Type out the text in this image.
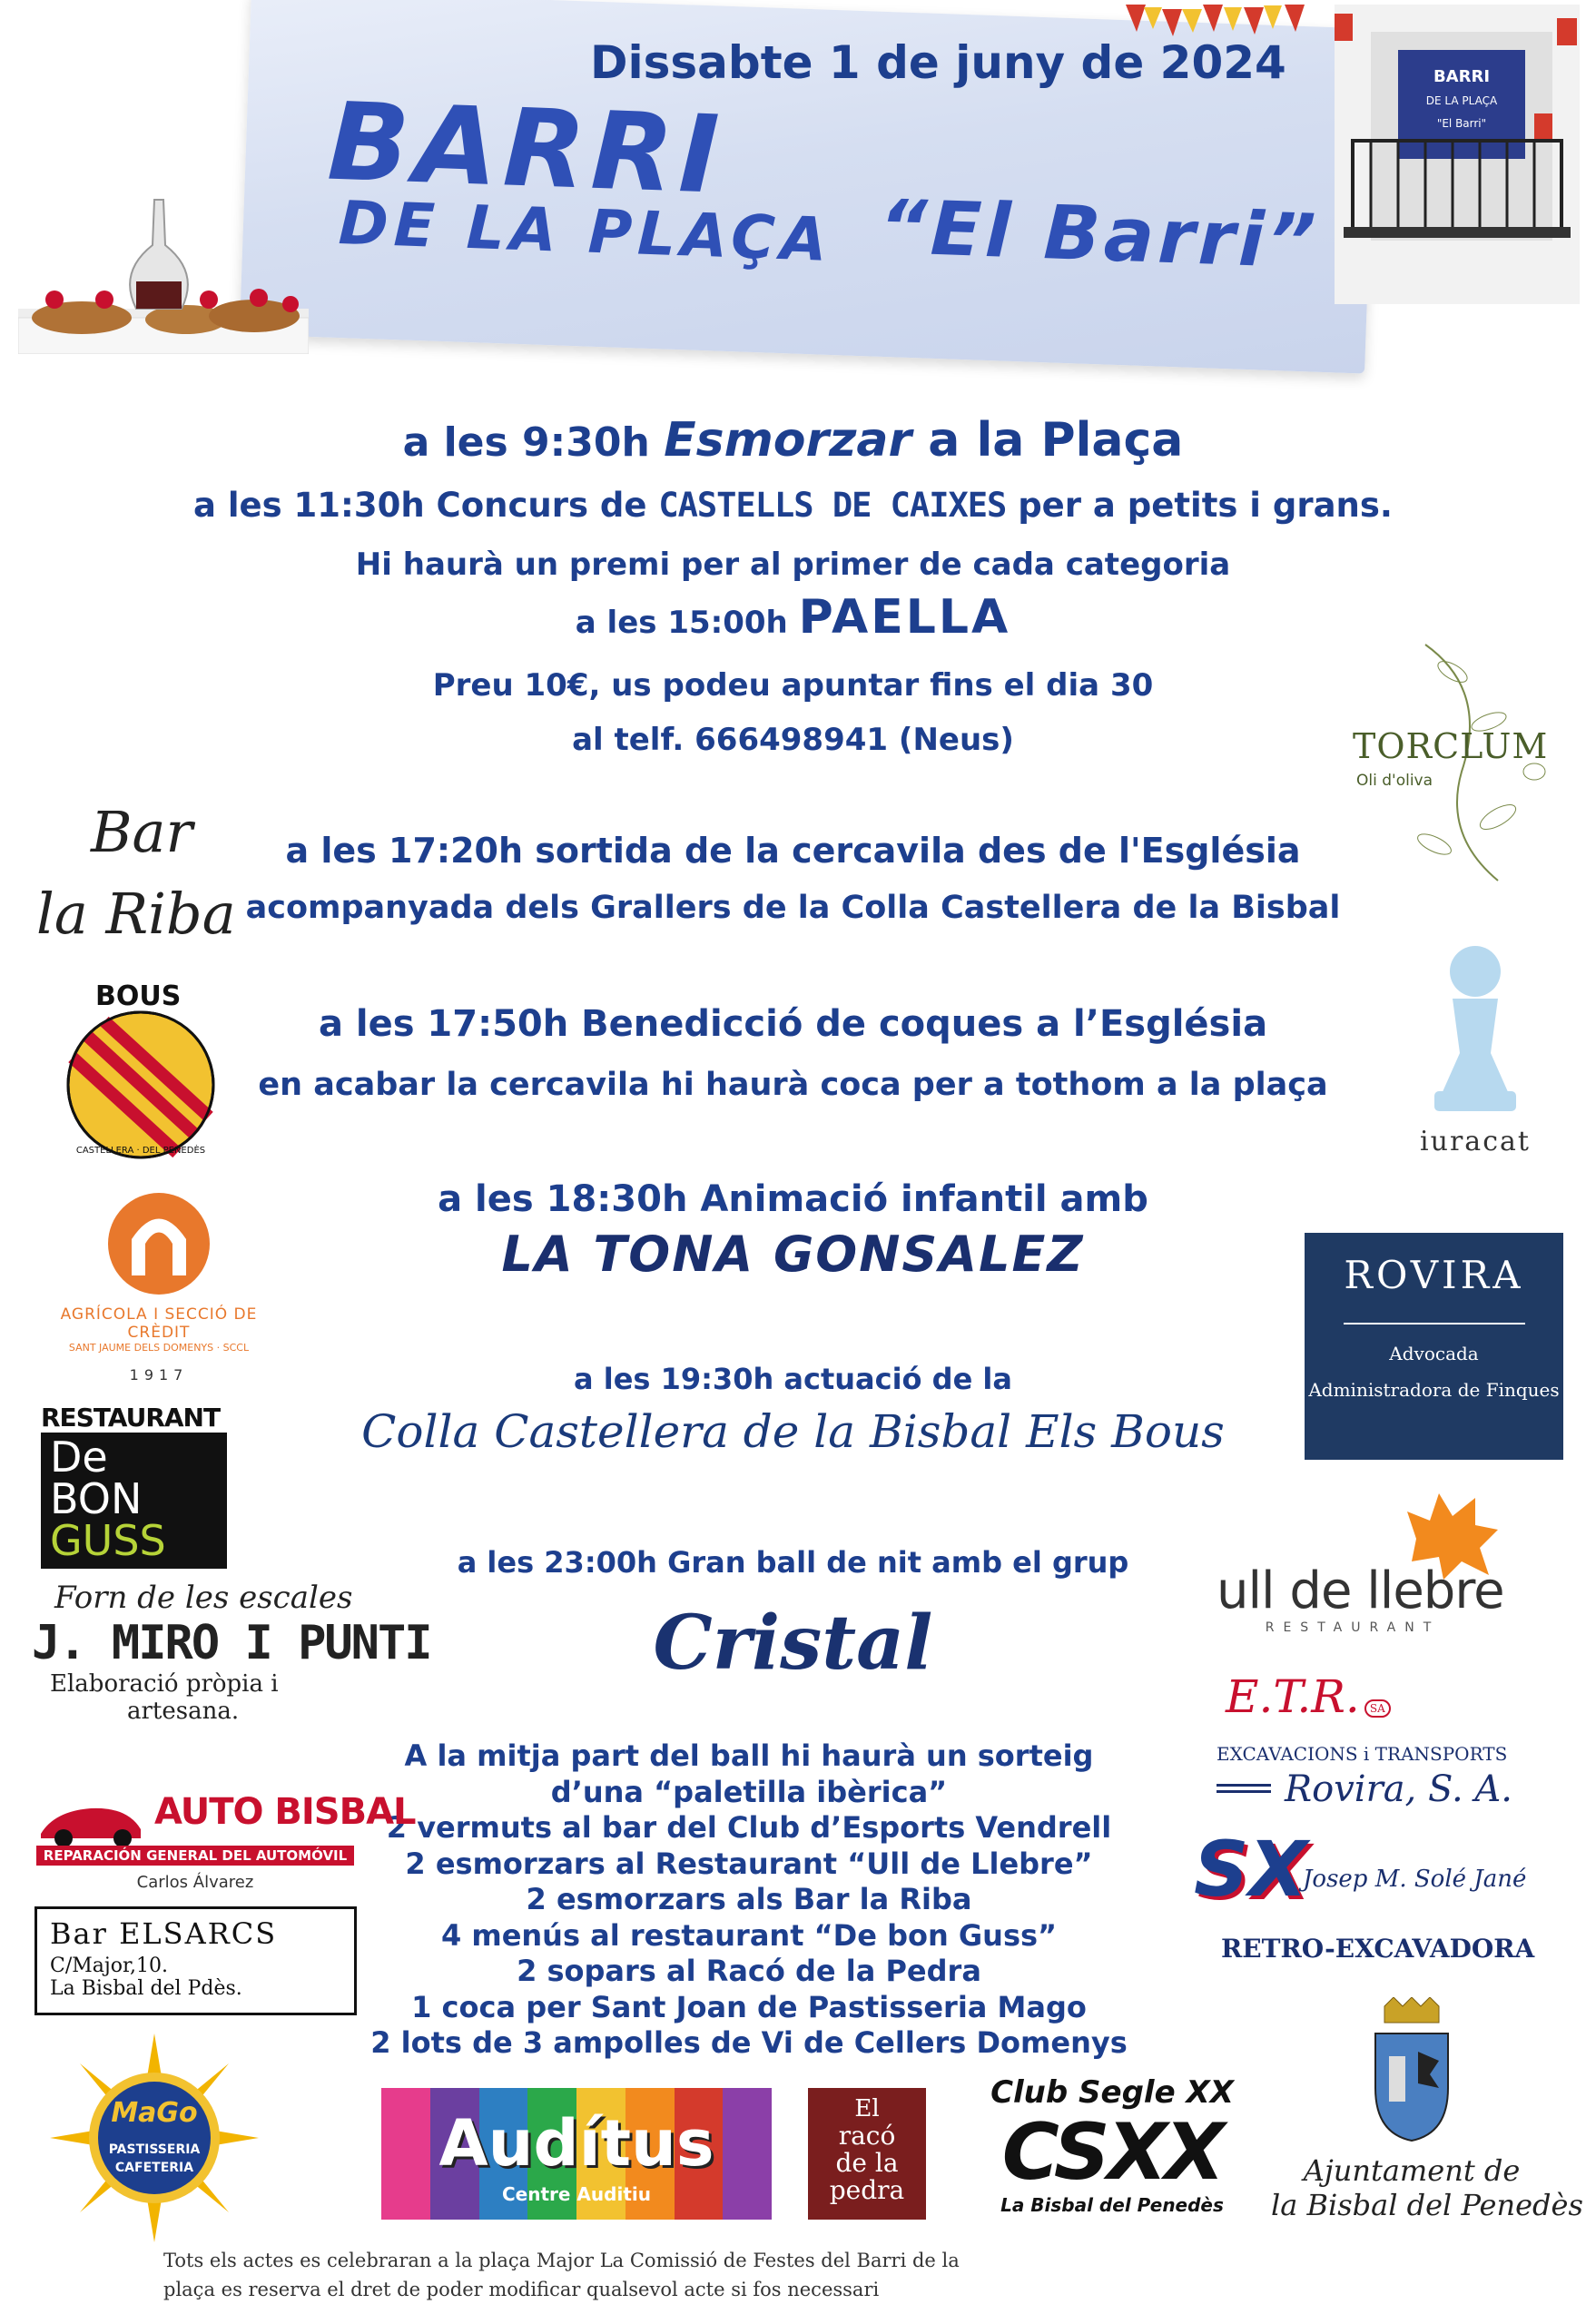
BARRI
DE LA PLAÇA “El Barri”
Dissabte 1 de juny de 2024	BARRI
DE LA PLAÇA
"El Barri"
a les 9:30h Esmorzar a la Plaça
a les 11:30h Concurs de CASTELLS DE CAIXES per a petits i grans.
Hi haurà un premi per al primer de cada categoria
a les 15:00h PAELLA
Preu 10€, us podeu apuntar fins el dia 30
al telf. 666498941 (Neus)
a les 17:20h sortida de la cercavila des de l'Església
acompanyada dels Grallers de la Colla Castellera de la Bisbal
a les 17:50h Benedicció de coques a l’Església
en acabar la cercavila hi haurà coca per a tothom a la plaça
a les 18:30h Animació infantil amb
LA TONA GONSALEZ
a les 19:30h actuació de la
Colla Castellera de la Bisbal Els Bous
a les 23:00h Gran ball de nit amb el grup
Cristal
A la mitja part del ball hi haurà un sorteig
d’una “paletilla ibèrica”
2 vermuts al bar del Club d’Esports Vendrell
2 esmorzars al Restaurant “Ull de Llebre”
2 esmorzars als Bar la Riba
4 menús al restaurant “De bon Guss”
2 sopars al Racó de la Pedra
1 coca per Sant Joan de Pastisseria Mago
2 lots de 3 ampolles de Vi de Cellers Domenys
Tots els actes es celebraran a la plaça Major La Comissió de Festes del Barri de la
plaça es reserva el dret de poder modificar qualsevol acte si fos necessari
Bar
la Riba
BOUS
CASTELLERA · DEL PENEDÈS
AGRÍCOLA I SECCIÓ DE CRÈDIT
SANT JAUME DELS DOMENYS · SCCL
1917
RESTAURANT
De
BON
GUSS
Forn de les escales
J. MIRO I PUNTI
Elaboració pròpia i
artesana.
AUTO BISBAL
REPARACIÓN GENERAL DEL AUTOMÓVIL
Carlos Álvarez
Bar ELSARCS
C/Major,10.
La Bisbal del Pdès.
MaGo
PASTISSERIA
CAFETERIA
TORCLUM
Oli d'oliva
iuracat
ROVIRA
Advocada
Administradora de Finques
ull de llebre
RESTAURANT
E.T.R. SA
EXCAVACIONS i TRANSPORTS
Rovira, S. A.
SX
Josep M. Solé Jané
RETRO-EXCAVADORA
Ajuntament de
la Bisbal del Penedès
Audítus
Centre Auditiu
El
racó
de la
pedra
Club Segle XX
CSXX
La Bisbal del Penedès
